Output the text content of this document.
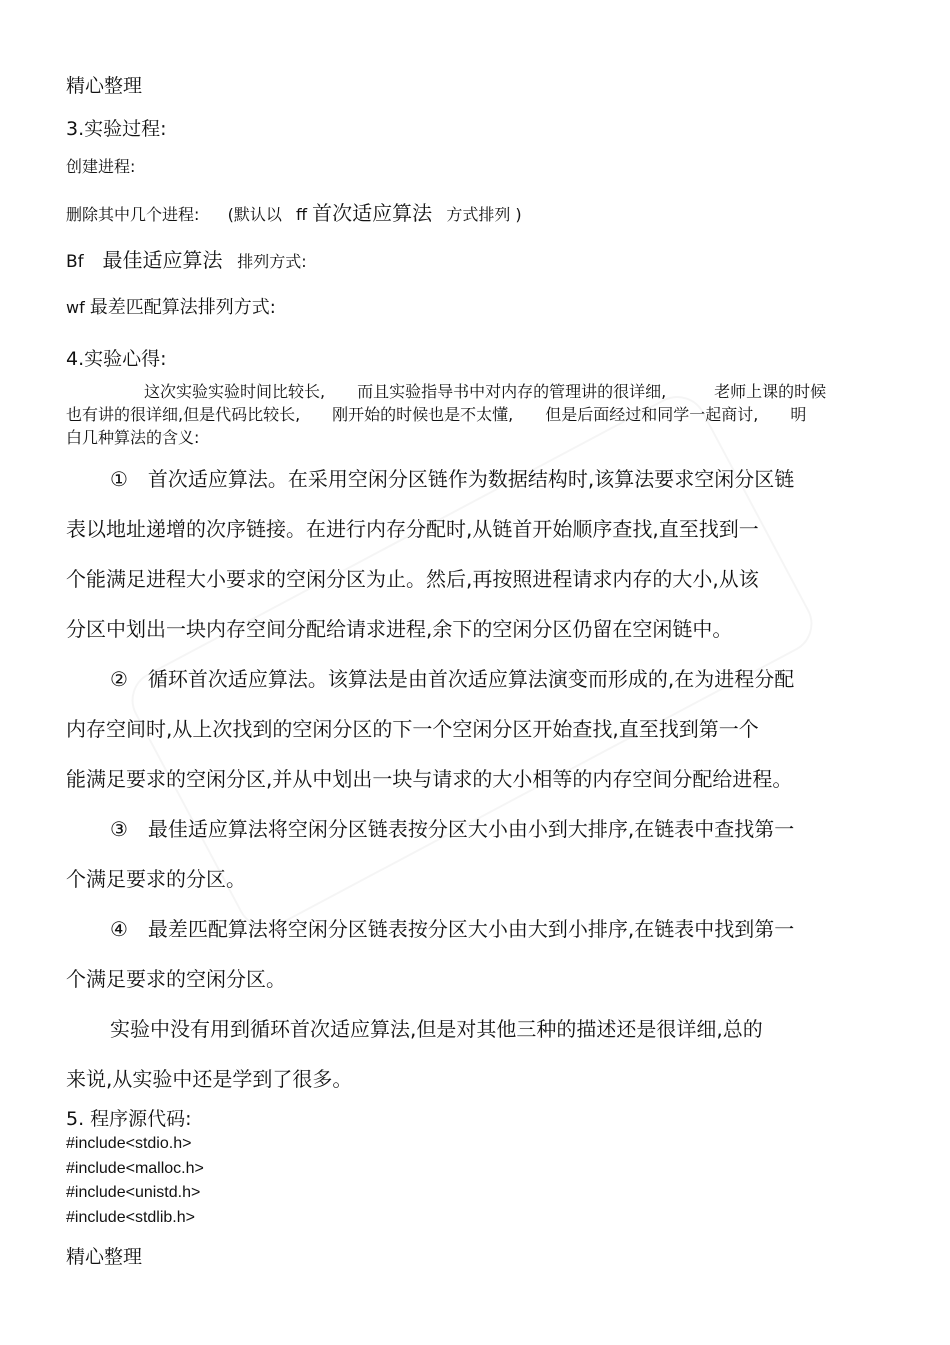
精心整理
3.实验过程:
创建进程:
删除其中几个进程: (默认以 ff 首次适应算法 方式排列 )
Bf 最佳适应算法 排列方式:
wf 最差匹配算法排列方式:
4.实验心得:

这次实验实验时间比较长,　　而且实验指导书中对内存的管理讲的很详细,　　　老师上课的时候

也有讲的很详细,但是代码比较长,　　刚开始的时候也是不太懂,　　但是后面经过和同学一起商讨,　　明

白几种算法的含义:

①　首次适应算法。在采用空闲分区链作为数据结构时,该算法要求空闲分区链

表以地址递增的次序链接。在进行内存分配时,从链首开始顺序查找,直至找到一

个能满足进程大小要求的空闲分区为止。然后,再按照进程请求内存的大小,从该

分区中划出一块内存空间分配给请求进程,余下的空闲分区仍留在空闲链中。

②　循环首次适应算法。该算法是由首次适应算法演变而形成的,在为进程分配

内存空间时,从上次找到的空闲分区的下一个空闲分区开始查找,直至找到第一个

能满足要求的空闲分区,并从中划出一块与请求的大小相等的内存空间分配给进程。

③　最佳适应算法将空闲分区链表按分区大小由小到大排序,在链表中查找第一

个满足要求的分区。

④　最差匹配算法将空闲分区链表按分区大小由大到小排序,在链表中找到第一

个满足要求的空闲分区。

实验中没有用到循环首次适应算法,但是对其他三种的描述还是很详细,总的

来说,从实验中还是学到了很多。

5. 程序源代码:
#include<stdio.h>
#include<malloc.h>
#include<unistd.h>
#include<stdlib.h>
精心整理
